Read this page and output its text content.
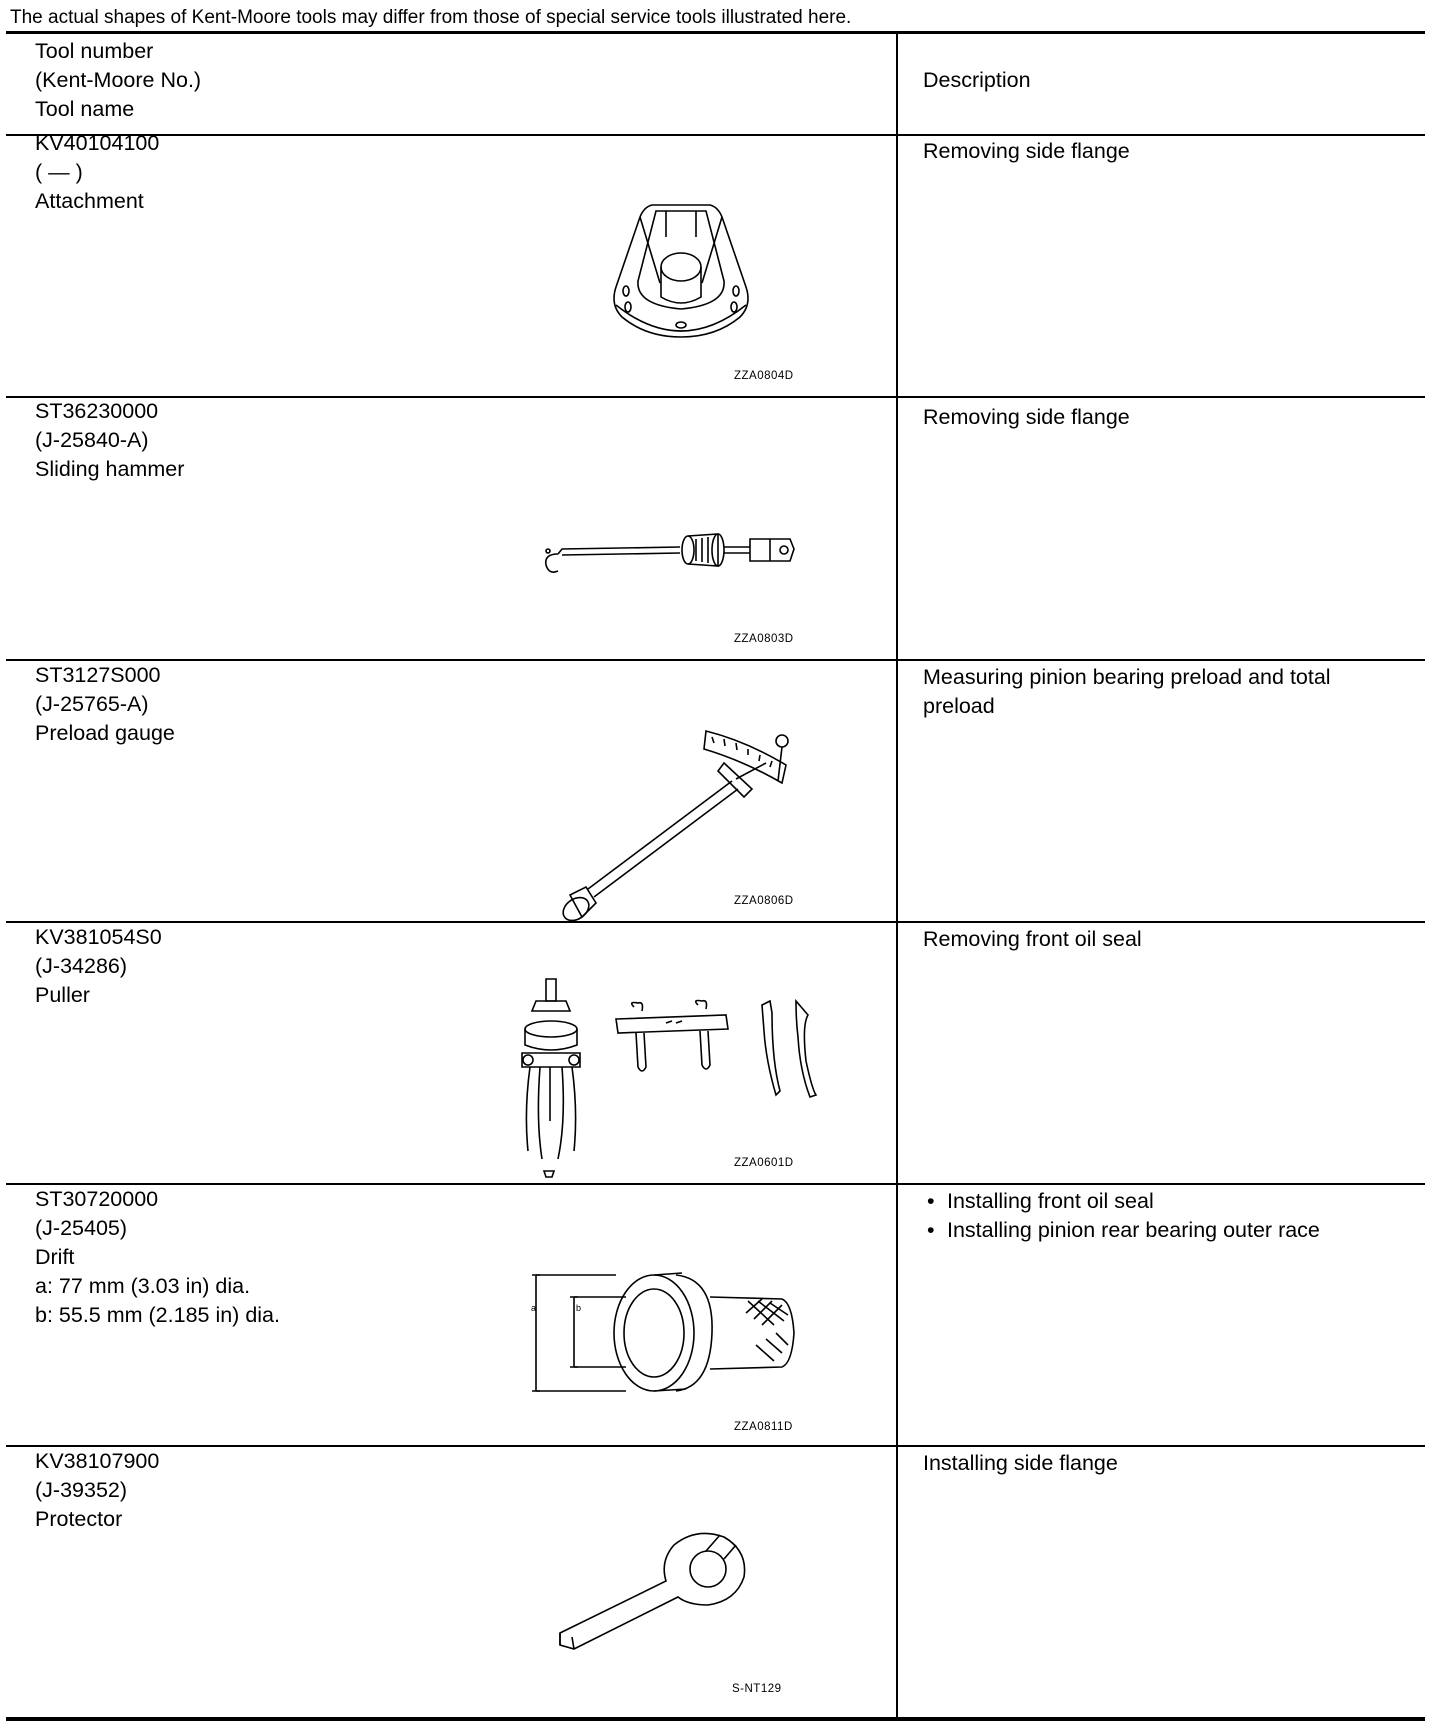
The actual shapes of Kent-Moore tools may differ from those of special service tools illustrated here.
Tool number
(Kent-Moore No.)
Tool name
Description
KV40104100
( — )
Attachment
ZZA0804D
Removing side flange
ST36230000
(J-25840-A)
Sliding hammer
ZZA0803D
Removing side flange
ST3127S000
(J-25765-A)
Preload gauge
ZZA0806D
Measuring pinion bearing preload and total preload
KV381054S0
(J-34286)
Puller
ZZA0601D
Removing front oil seal
ST30720000
(J-25405)
Drift
a: 77 mm (3.03 in) dia.
b: 55.5 mm (2.185 in) dia.	a	b
ZZA0811D
• Installing front oil seal
• Installing pinion rear bearing outer race
KV38107900
(J-39352)
Protector
S-NT129
Installing side flange
